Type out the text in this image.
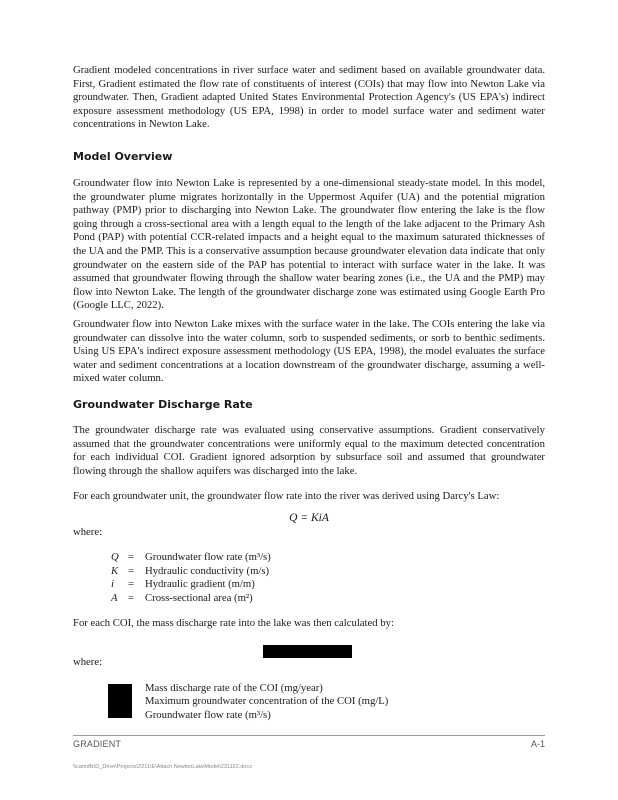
Gradient modeled concentrations in river surface water and sediment based on available groundwater data. First, Gradient estimated the flow rate of constituents of interest (COIs) that may flow into Newton Lake via groundwater. Then, Gradient adapted United States Environmental Protection Agency's (US EPA's) indirect exposure assessment methodology (US EPA, 1998) in order to model surface water and sediment water concentrations in Newton Lake.

Model Overview

Groundwater flow into Newton Lake is represented by a one-dimensional steady-state model. In this model, the groundwater plume migrates horizontally in the Uppermost Aquifer (UA) and the potential migration pathway (PMP) prior to discharging into Newton Lake. The groundwater flow entering the lake is the flow going through a cross-sectional area with a length equal to the length of the lake adjacent to the Primary Ash Pond (PAP) with potential CCR-related impacts and a height equal to the maximum saturated thicknesses of the UA and the PMP. This is a conservative assumption because groundwater elevation data indicate that only groundwater on the eastern side of the PAP has potential to interact with surface water in the lake. It was assumed that groundwater flowing through the shallow water bearing zones (i.e., the UA and the PMP) may flow into Newton Lake. The length of the groundwater discharge zone was estimated using Google Earth Pro (Google LLC, 2022).

Groundwater flow into Newton Lake mixes with the surface water in the lake. The COIs entering the lake via groundwater can dissolve into the water column, sorb to suspended sediments, or sorb to benthic sediments. Using US EPA's indirect exposure assessment methodology (US EPA, 1998), the model evaluates the surface water and sediment concentrations at a location downstream of the groundwater discharge, assuming a well-mixed water column.

Groundwater Discharge Rate

The groundwater discharge rate was evaluated using conservative assumptions. Gradient conservatively assumed that the groundwater concentrations were uniformly equal to the maximum detected concentration for each individual COI. Gradient ignored adsorption by subsurface soil and assumed that groundwater flowing through the shallow aquifers was discharged into the lake.

For each groundwater unit, the groundwater flow rate into the river was derived using Darcy's Law:

Q = KiA
where:
Q = Groundwater flow rate (m³/s)
K = Hydraulic conductivity (m/s)
i = Hydraulic gradient (m/m)
A = Cross-sectional area (m²)

For each COI, the mass discharge rate into the lake was then calculated by:

where:
Mass discharge rate of the COI (mg/year)
Maximum groundwater concentration of the COI (mg/L)
Groundwater flow rate (m³/s)
GRADIENT	A-1
\\camdfs\D_Drive\Projects\2211\E\Attach NewtonLakeModel\231122.docx
